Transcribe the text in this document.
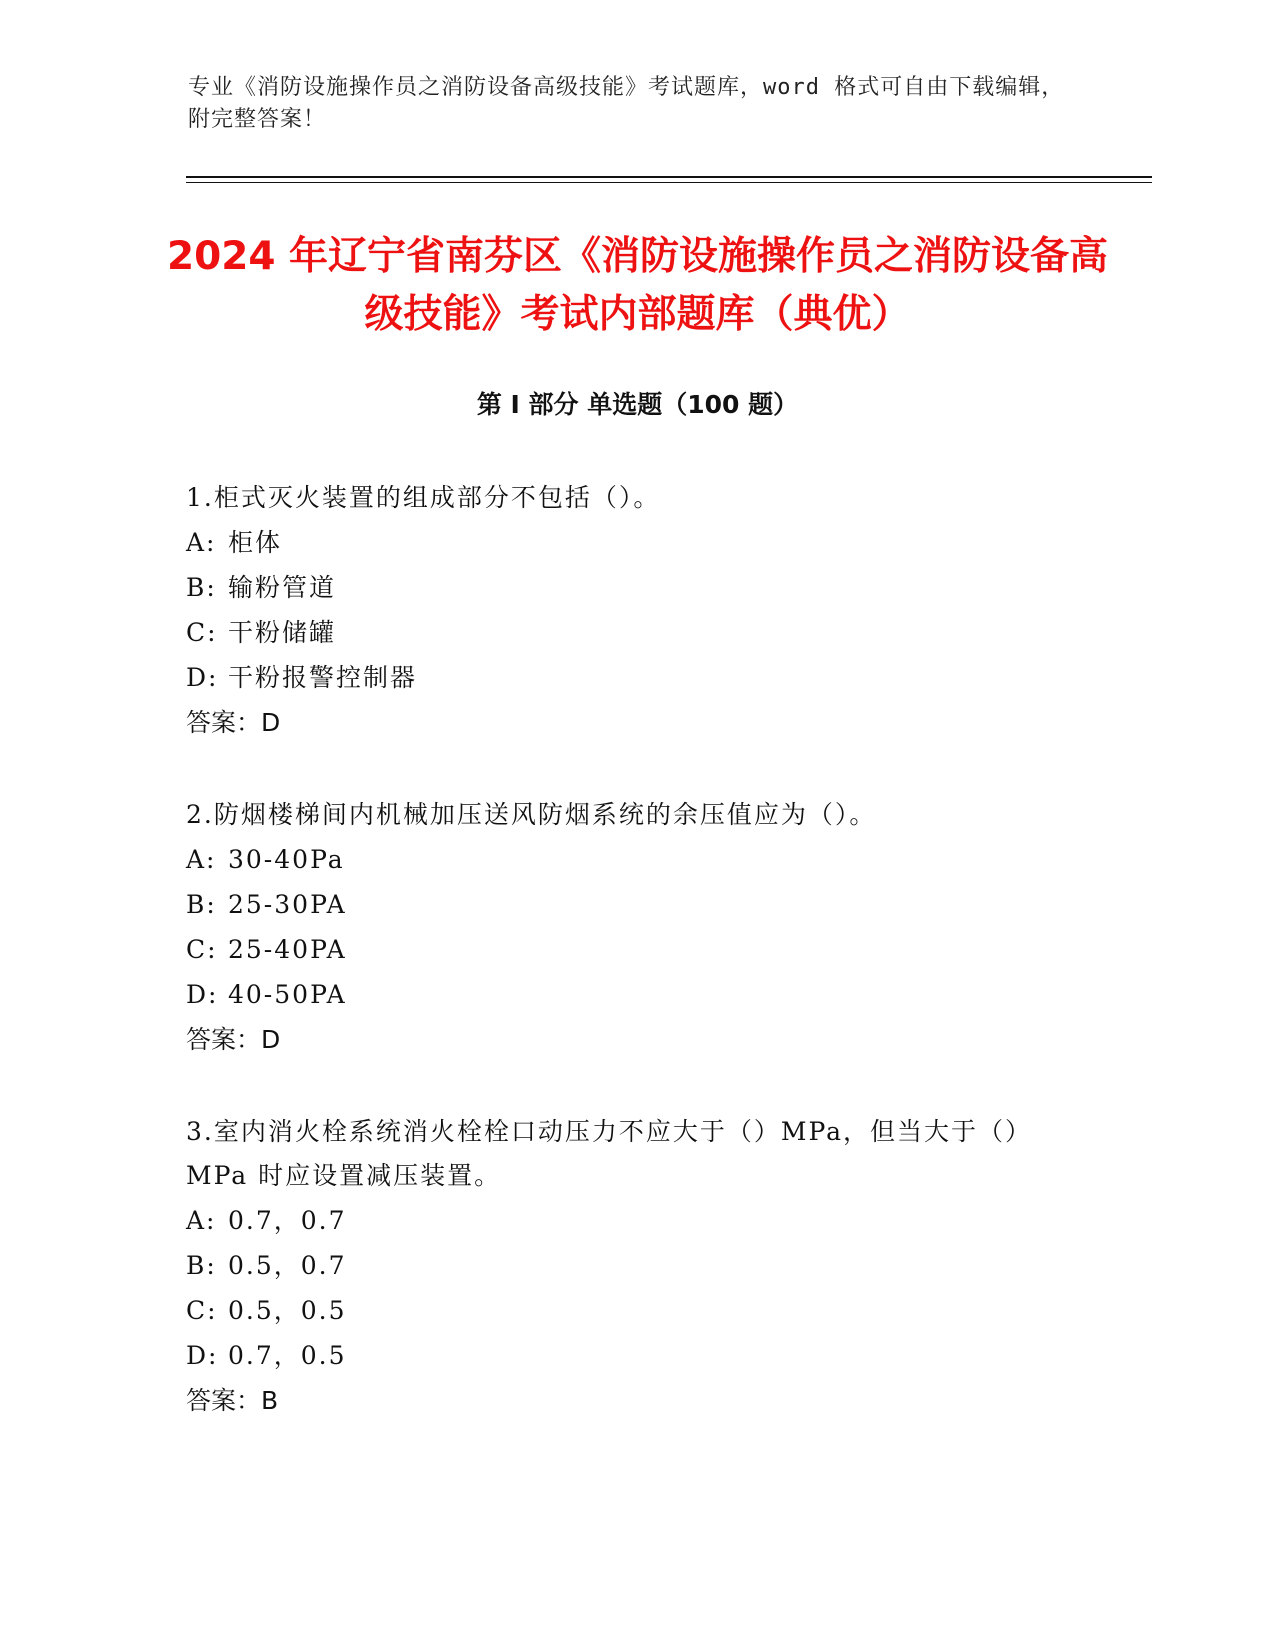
专业《消防设施操作员之消防设备高级技能》考试题库，word 格式可自由下载编辑，附完整答案！
2024 年辽宁省南芬区《消防设施操作员之消防设备高级技能》考试内部题库（典优）
第 I 部分 单选题（100 题）

1.柜式灭火装置的组成部分不包括（）。

A: 柜体
B: 输粉管道
C: 干粉储罐
D: 干粉报警控制器
答案：D

2.防烟楼梯间内机械加压送风防烟系统的余压值应为（）。

A: 30-40Pa
B: 25-30PA
C: 25-40PA
D: 40-50PA
答案：D

3.室内消火栓系统消火栓栓口动压力不应大于（）MPa，但当大于（）MPa 时应设置减压装置。

A: 0.7，0.7
B: 0.5，0.7
C: 0.5，0.5
D: 0.7，0.5
答案：B
